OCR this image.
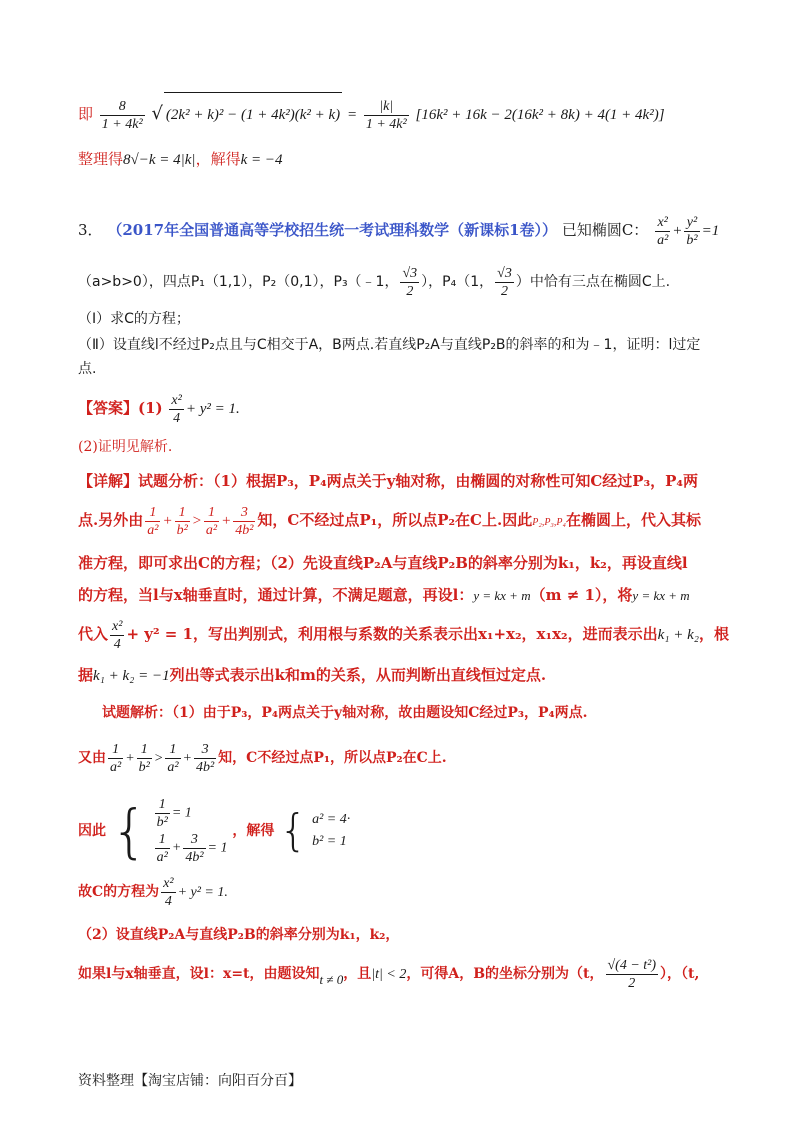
即 $\frac{8}{\text{1 + 4k²}}$ √ $(2k^2 + k)^2 - (1 + 4k^2)(k^2 + k) = \frac{|k|}{\text{1 + 4k²}} [16k^2 + 16k - 2(16k^2 + 8k) + 4(1 + 4k^2)]$
整理得8√−k = 4|k|，解得k = −4
3． （2017年全国普通高等学校招生统一考试理科数学（新课标1卷）） 已知椭圆C： $\frac{\text{x²}}{\text{a²}} + \frac{\text{y²}}{\text{b²}} =1$
（a>b>0），四点P₁（1,1），P₂（0,1），P₃（﹣1， $\frac{√3}{2}$ ），P₄（1， $\frac{√3}{2}$ ）中恰有三点在椭圆C上.
（Ⅰ）求C的方程；
（Ⅱ）设直线l不经过P₂点且与C相交于A，B两点.若直线P₂A与直线P₂B的斜率的和为﹣1，证明：l过定
点.
【答案】$(1) \frac{\text{x²}}{4} + y^2 = 1$.
(2)证明见解析.
【详解】试题分析：（1）根据P₃，P₄两点关于y轴对称，由椭圆的对称性可知C经过P₃，P₄两
点.另外由 $\frac{1}{\text{a²}} + \frac{1}{\text{b²}} > \frac{1}{\text{a²}} + \frac{3}{\text{4b²}}$ 知，C不经过点P₁，所以点P₂在C上.因此P₂,P₃,P₄在椭圆上，代入其标
准方程，即可求出C的方程；（2）先设直线P₂A与直线P₂B的斜率分别为k₁，k₂，再设直线l
的方程，当l与x轴垂直时，通过计算，不满足题意，再设l：y = kx + m（m ≠ 1），将y = kx + m
代入 $\frac{\text{x²}}{4} + y^2 = 1$，写出判别式，利用根与系数的关系表示出x₁+x₂，x₁x₂，进而表示出k₁ + k₂，根
据k₁ + k₂ = −1列出等式表示出k和m的关系，从而判断出直线恒过定点.
试题解析：（1）由于P₃，P₄两点关于y轴对称，故由题设知C经过P₃，P₄两点.
又由 $\frac{1}{\text{a²}} + \frac{1}{\text{b²}} > \frac{1}{\text{a²}} + \frac{3}{\text{4b²}}$ 知，C不经过点P₁，所以点P₂在C上.
因此 { $\frac{1}{\text{b²}} = 1$
$\frac{1}{\text{a²}} + \frac{3}{\text{4b²}} = 1$
，解得 { a² = 4·
b² = 1
故C的方程为 $\frac{\text{x²}}{4} + y^2 = 1$.
（2）设直线P₂A与直线P₂B的斜率分别为k₁，k₂，
如果l与x轴垂直，设l：x=t，由题设知t ≠ 0，且|t| < 2，可得A，B的坐标分别为（t， $\frac{\text{√(4 − t²)}}{2}$ ），（t,
资料整理【淘宝店铺：向阳百分百】
